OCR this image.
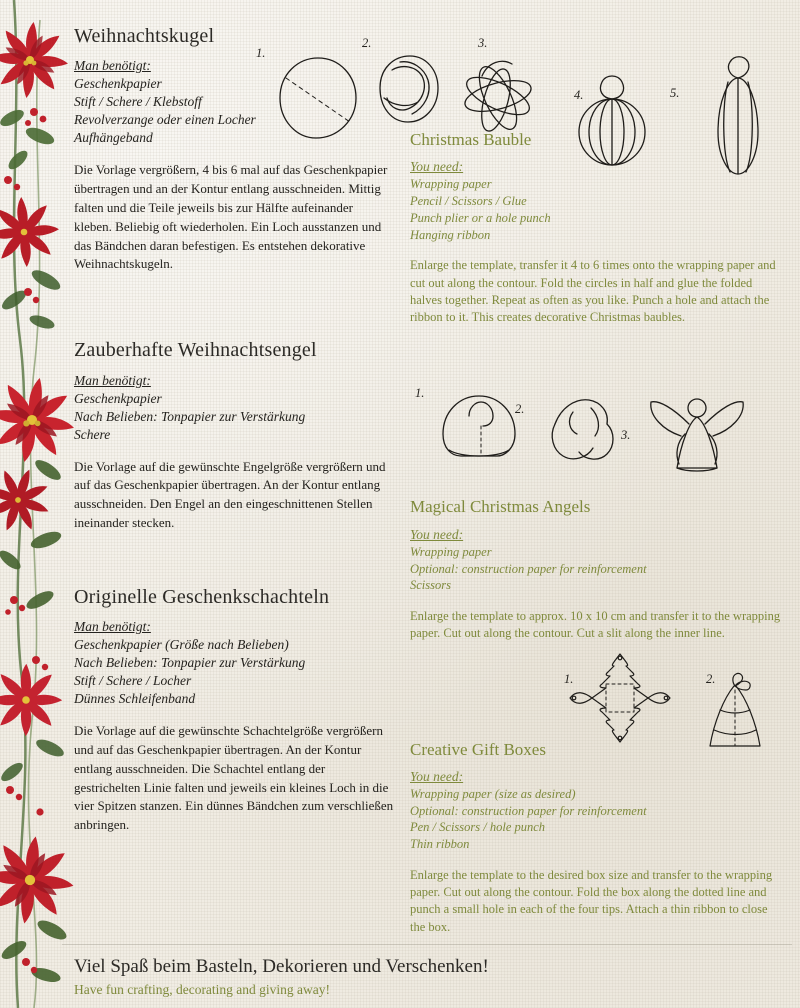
Weihnachtskugel
Man benötigt:
Geschenkpapier
Stift / Schere / Klebstoff
Revolverzange oder einen Locher
Aufhängeband

Die Vorlage vergrößern, 4 bis 6 mal auf das Geschenkpapier übertragen und an der Kontur entlang ausschneiden. Mittig falten und die Teile jeweils bis zur Hälfte aufeinander kleben. Beliebig oft wiederholen. Ein Loch ausstanzen und das Bändchen daran befestigen. Es entstehen dekorative Weihnachtskugeln.

Zauberhafte Weihnachtsengel
Man benötigt:
Geschenkpapier
Nach Belieben: Tonpapier zur Verstärkung
Schere

Die Vorlage auf die gewünschte Engelgröße vergrößern und auf das Geschenkpapier übertragen. An der Kontur entlang ausschneiden. Den Engel an den eingeschnittenen Stellen ineinander stecken.

Originelle Geschenkschachteln
Man benötigt:
Geschenkpapier (Größe nach Belieben)
Nach Belieben: Tonpapier zur Verstärkung
Stift / Schere / Locher
Dünnes Schleifenband

Die Vorlage auf die gewünschte Schachtelgröße vergrößern und auf das Geschenkpapier übertragen. An der Kontur entlang ausschneiden. Die Schachtel entlang der gestrichelten Linie falten und jeweils ein kleines Loch in die vier Spitzen stanzen. Ein dünnes Bändchen zum verschließen anbringen.

Christmas Bauble
You need:
Wrapping paper
Pencil / Scissors / Glue
Punch plier or a hole punch
Hanging ribbon

Enlarge the template, transfer it 4 to 6 times onto the wrapping paper and cut out along the contour. Fold the circles in half and glue the folded halves together. Repeat as often as you like. Punch a hole and attach the ribbon to it. This creates decorative Christmas baubles.

Magical Christmas Angels
You need:
Wrapping paper
Optional: construction paper for reinforcement
Scissors

Enlarge the template to approx. 10 x 10 cm and transfer it to the wrapping paper. Cut out along the contour. Cut a slit along the inner line.

Creative Gift Boxes
You need:
Wrapping paper (size as desired)
Optional: construction paper for reinforcement
Pen / Scissors / hole punch
Thin ribbon

Enlarge the template to the desired box size and transfer to the wrapping paper. Cut out along the contour. Fold the box along the dotted line and punch a small hole in each of the four tips. Attach a thin ribbon to close the box.

1.
2.	3.
4.	5.
1.
2.
3.
1.	2.

Viel Spaß beim Basteln, Dekorieren und Verschenken!

Have fun crafting, decorating and giving away!
